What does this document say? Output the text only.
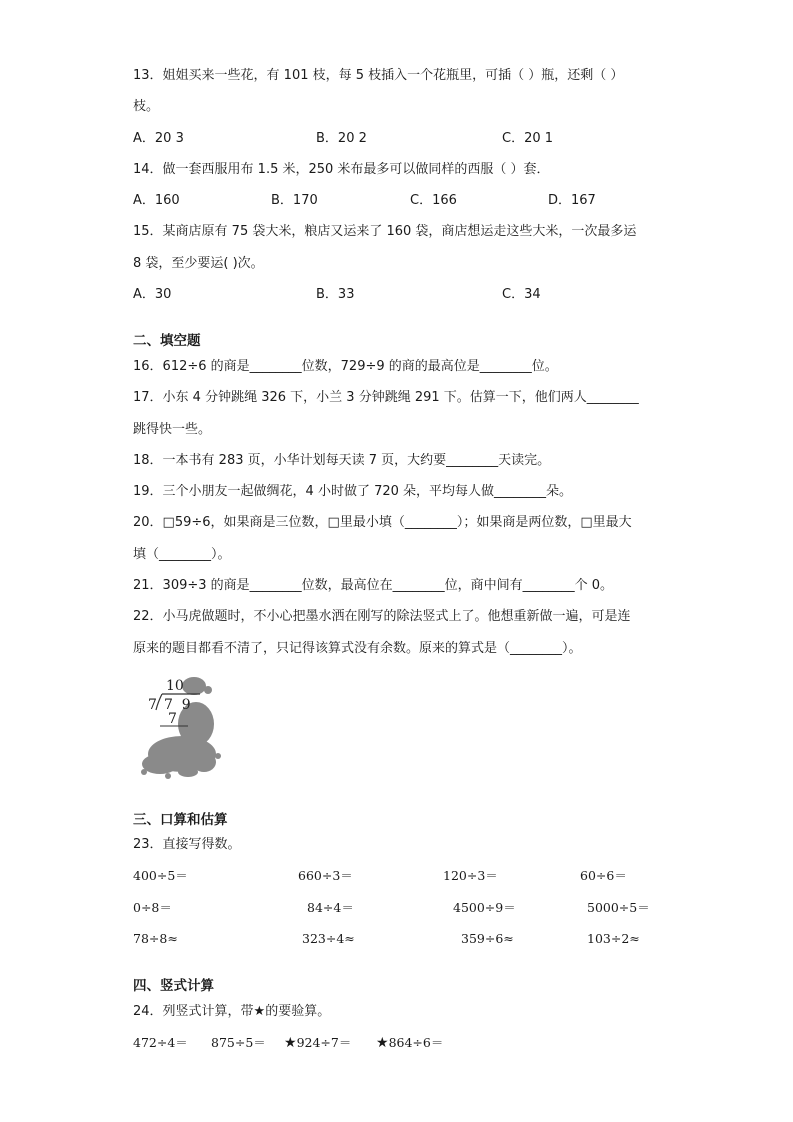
13．姐姐买来一些花，有 101 枝，每 5 枝插入一个花瓶里，可插（ ）瓶，还剩（ ）
枝。
A．20 3	B．20 2	C．20 1
14．做一套西服用布 1.5 米，250 米布最多可以做同样的西服（ ）套．
A．160	B．170	C．166	D．167
15．某商店原有 75 袋大米，粮店又运来了 160 袋，商店想运走这些大米，一次最多运
8 袋，至少要运( )次。
A．30	B．33	C．34
二、填空题
16．612÷6 的商是________位数，729÷9 的商的最高位是________位。
17．小东 4 分钟跳绳 326 下，小兰 3 分钟跳绳 291 下。估算一下，他们两人________
跳得快一些。
18．一本书有 283 页，小华计划每天读 7 页，大约要________天读完。
19．三个小朋友一起做绸花，4 小时做了 720 朵，平均每人做________朵。
20．□59÷6，如果商是三位数，□里最小填（________）；如果商是两位数，□里最大
填（________）。
21．309÷3 的商是________位数，最高位在________位，商中间有________个 0。
22．小马虎做题时，不小心把墨水洒在刚写的除法竖式上了。他想重新做一遍，可是连
原来的题目都看不清了，只记得该算式没有余数。原来的算式是（________）。
10
7 7  9
7
三、口算和估算
23．直接写得数。
400÷5＝	660÷3＝	120÷3＝	60÷6＝
0÷8＝	84÷4＝	4500÷9＝	5000÷5＝
78÷8≈	323÷4≈	359÷6≈	103÷2≈
四、竖式计算
24．列竖式计算，带★的要验算。
472÷4＝ 875÷5＝ ★924÷7＝ ★864÷6＝
